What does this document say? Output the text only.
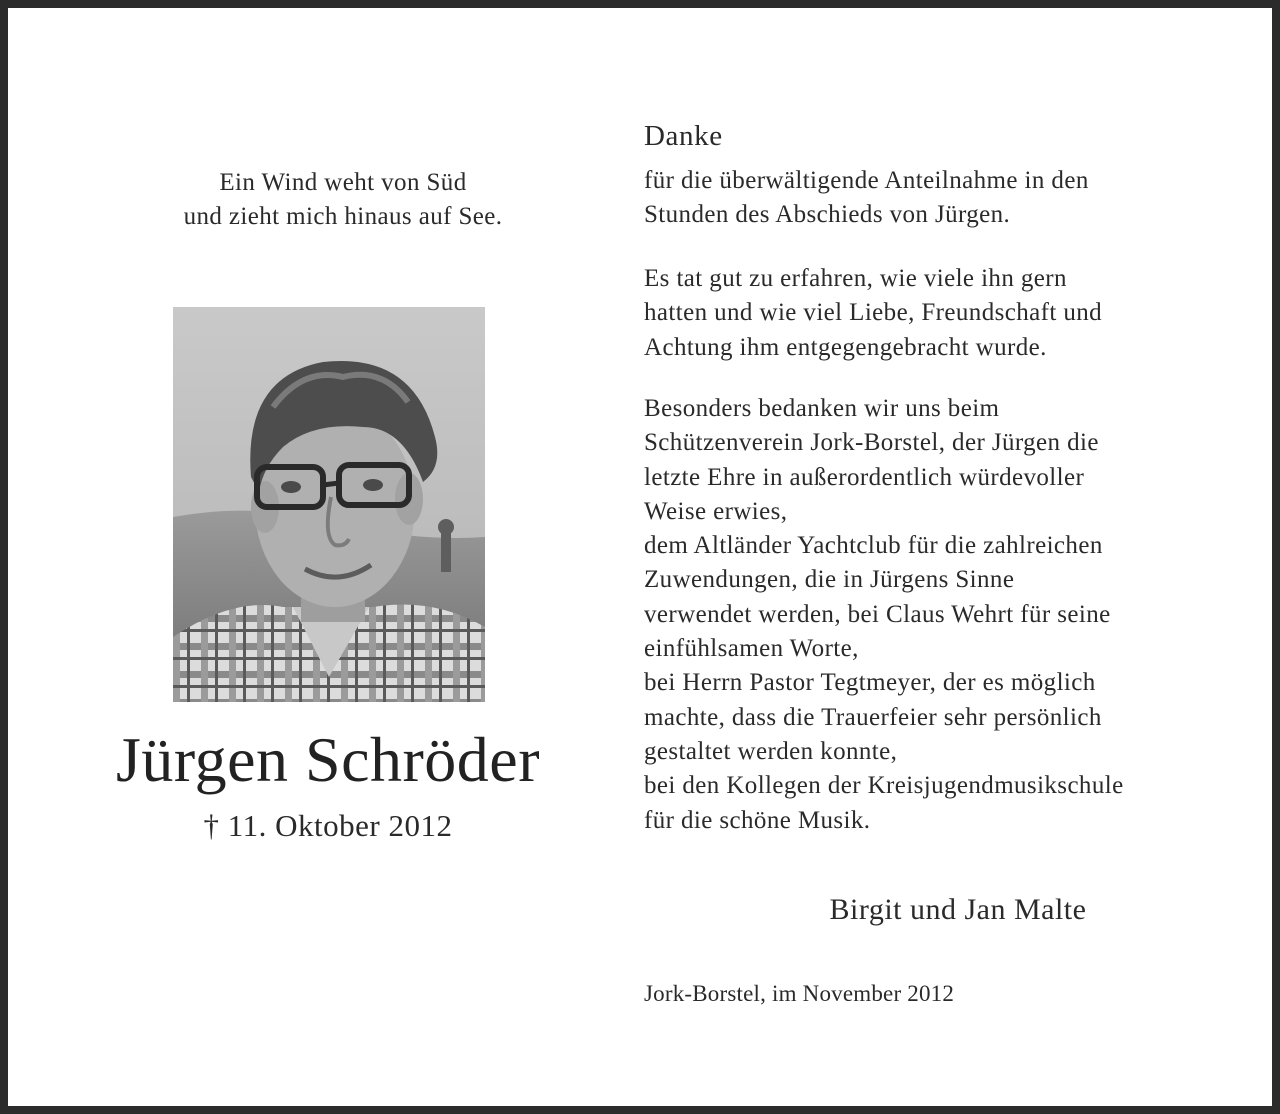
Ein Wind weht von Süd
und zieht mich hinaus auf See.
Jürgen Schröder
† 11. Oktober 2012
Danke
für die überwältigende Anteilnahme in den
Stunden des Abschieds von Jürgen.
Es tat gut zu erfahren, wie viele ihn gern
hatten und wie viel Liebe, Freundschaft und
Achtung ihm entgegengebracht wurde.
Besonders bedanken wir uns beim
Schützenverein Jork-Borstel, der Jürgen die
letzte Ehre in außerordentlich würdevoller
Weise erwies,
dem Altländer Yachtclub für die zahlreichen
Zuwendungen, die in Jürgens Sinne
verwendet werden, bei Claus Wehrt für seine
einfühlsamen Worte,
bei Herrn Pastor Tegtmeyer, der es möglich
machte, dass die Trauerfeier sehr persönlich
gestaltet werden konnte,
bei den Kollegen der Kreisjugendmusikschule
für die schöne Musik.
Birgit und Jan Malte
Jork-Borstel, im November 2012
